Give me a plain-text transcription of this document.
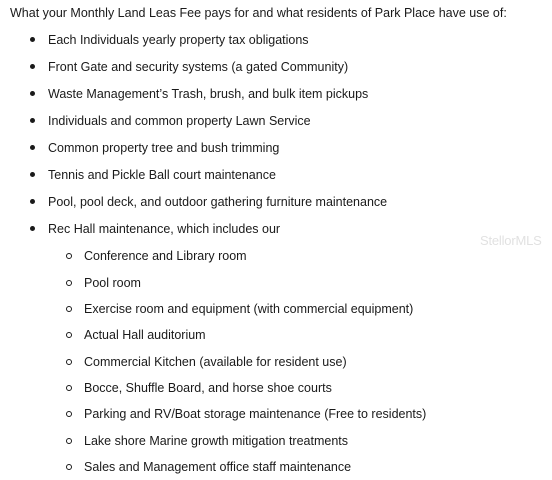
What your Monthly Land Leas Fee pays for and what residents of Park Place have use of:
Each Individuals yearly property tax obligations
Front Gate and security systems (a gated Community)
Waste Management’s Trash, brush, and bulk item pickups
Individuals and common property Lawn Service
Common property tree and bush trimming
Tennis and Pickle Ball court maintenance
Pool, pool deck, and outdoor gathering furniture maintenance
Rec Hall maintenance, which includes our
Conference and Library room
Pool room
Exercise room and equipment (with commercial equipment)
Actual Hall auditorium
Commercial Kitchen (available for resident use)
Bocce, Shuffle Board, and horse shoe courts
Parking and RV/Boat storage maintenance (Free to residents)
Lake shore Marine growth mitigation treatments
Sales and Management office staff maintenance
StellorMLS
